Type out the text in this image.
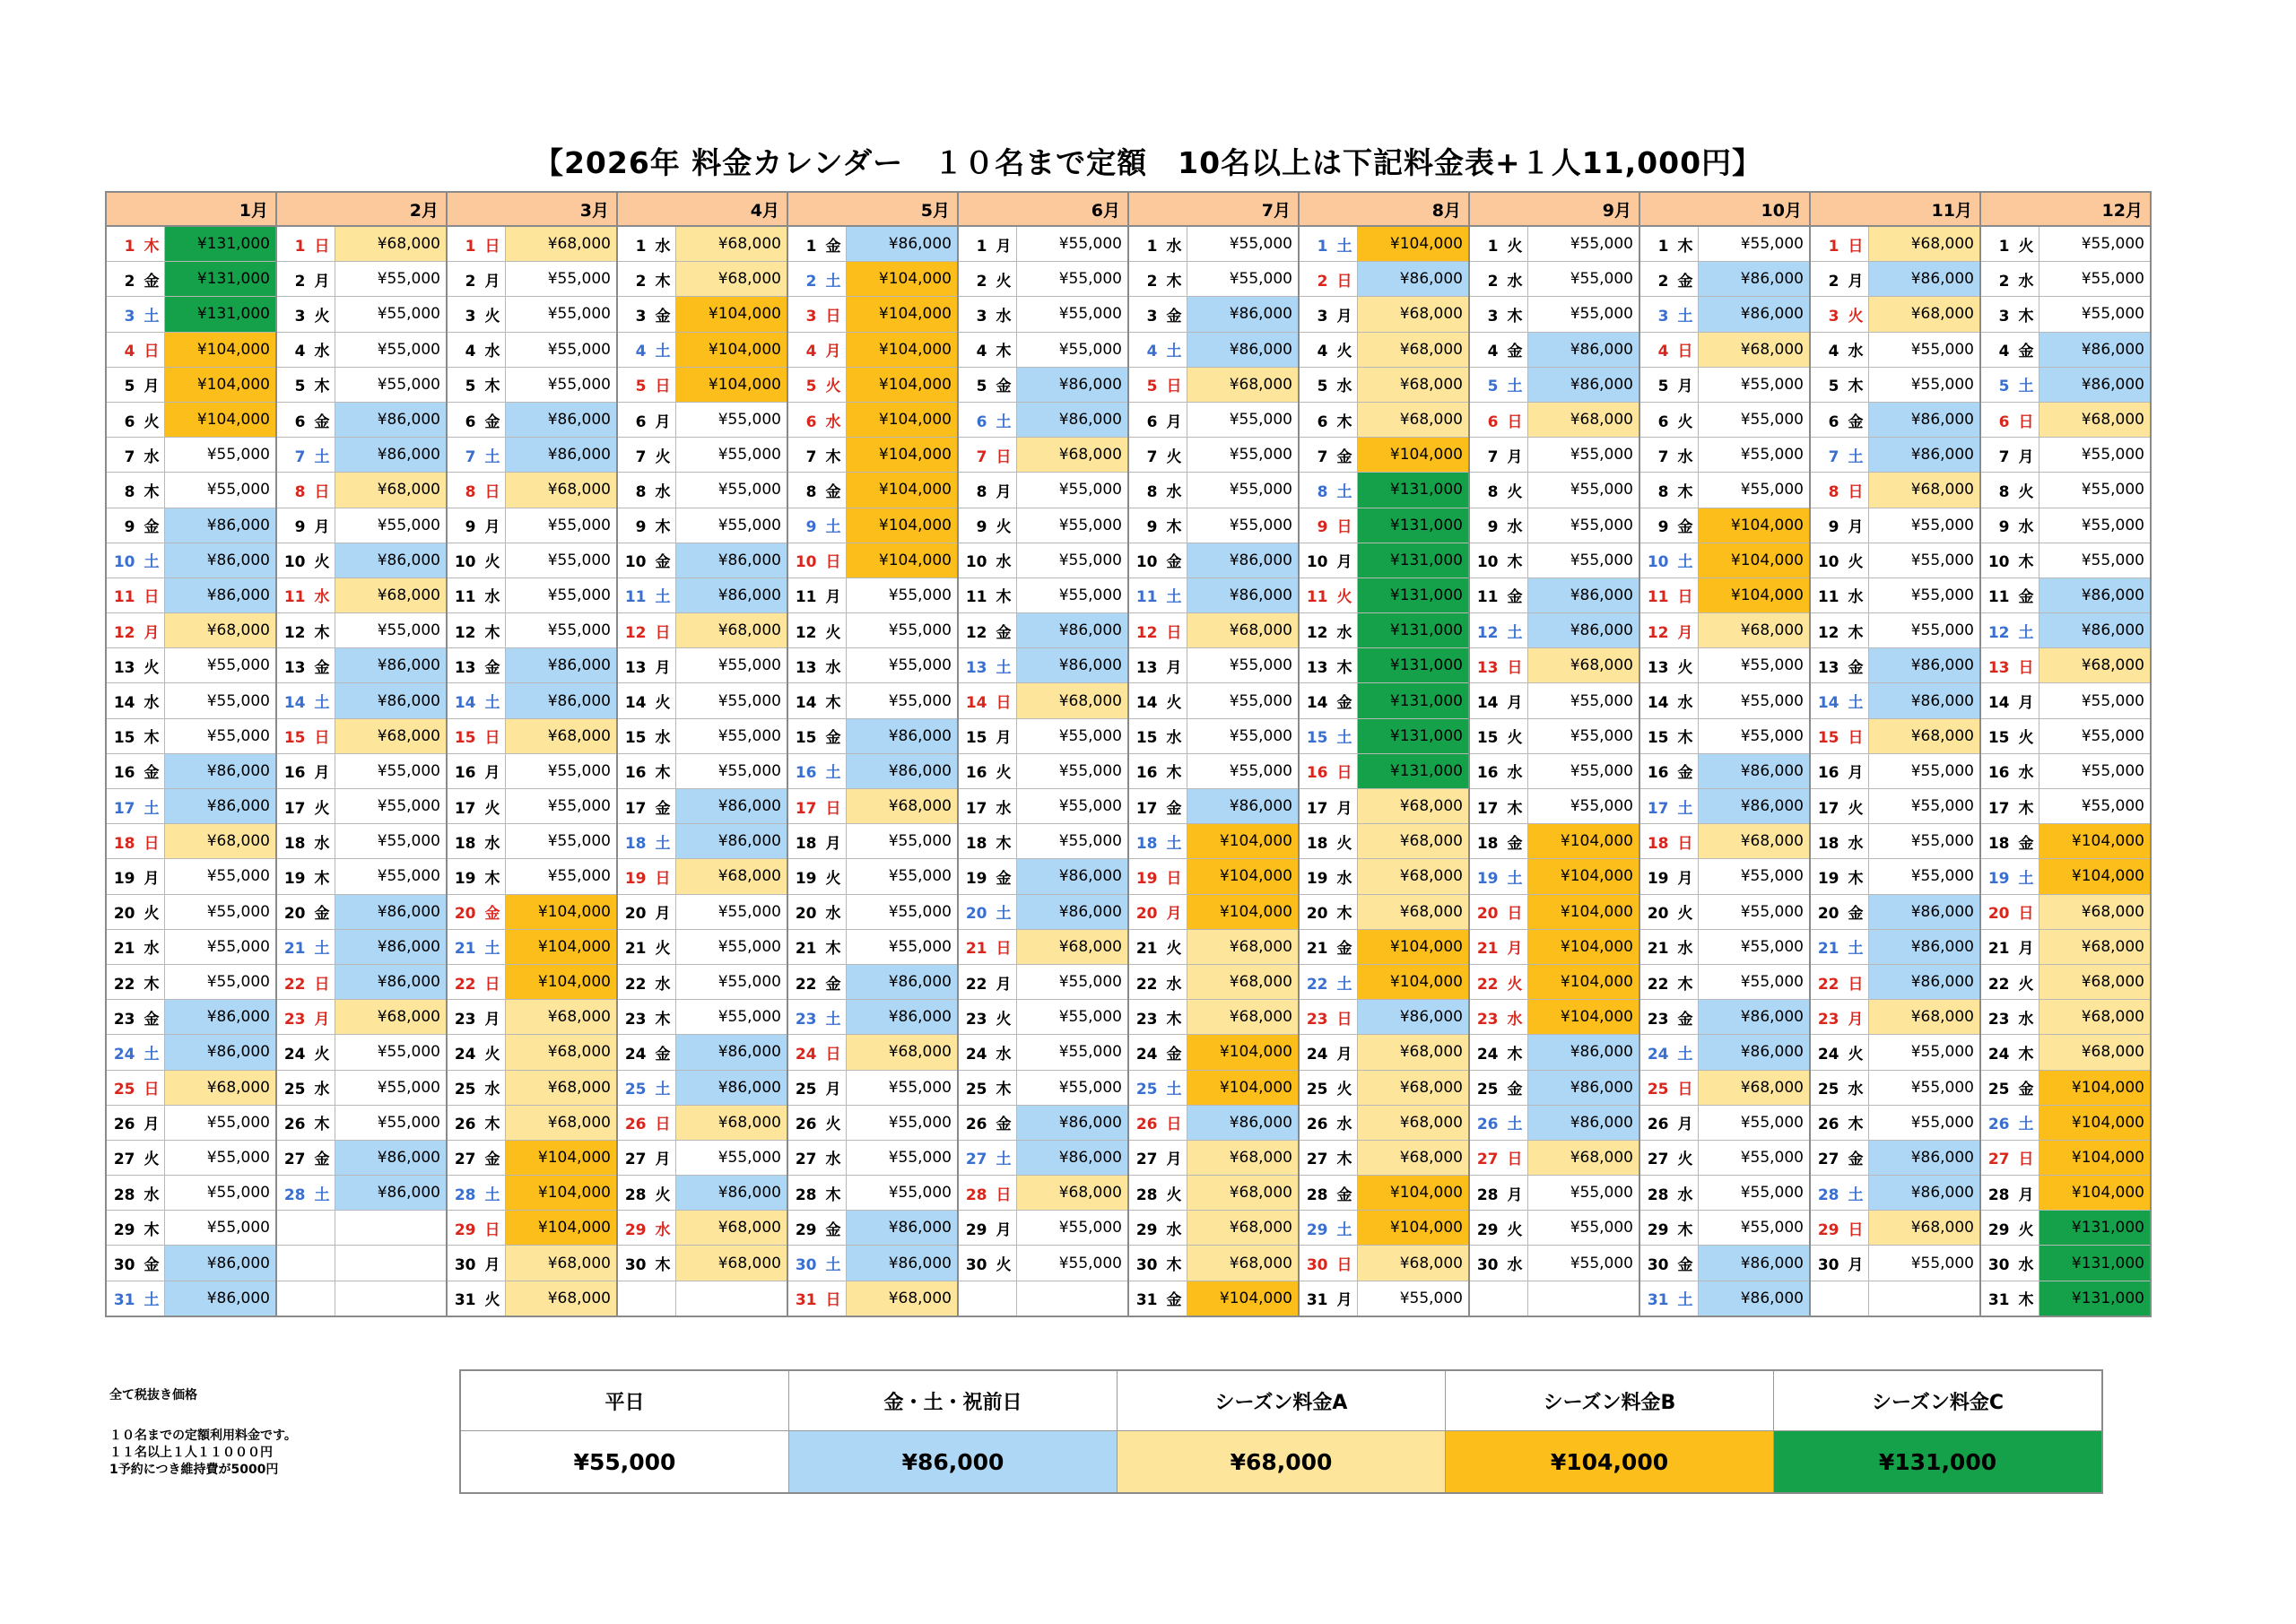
【2026年 料金カレンダー　１０名まで定額　10名以上は下記料金表+１人11,000円】
1月		2月		3月		4月		5月		6月		7月		8月		9月		10月		11月		12月	
1 木	¥131,000	1 日	¥68,000	1 日	¥68,000	1 水	¥68,000	1 金	¥86,000	1 月	¥55,000	1 水	¥55,000	1 土	¥104,000	1 火	¥55,000	1 木	¥55,000	1 日	¥68,000	1 火	¥55,000
2 金	¥131,000	2 月	¥55,000	2 月	¥55,000	2 木	¥68,000	2 土	¥104,000	2 火	¥55,000	2 木	¥55,000	2 日	¥86,000	2 水	¥55,000	2 金	¥86,000	2 月	¥86,000	2 水	¥55,000
3 土	¥131,000	3 火	¥55,000	3 火	¥55,000	3 金	¥104,000	3 日	¥104,000	3 水	¥55,000	3 金	¥86,000	3 月	¥68,000	3 木	¥55,000	3 土	¥86,000	3 火	¥68,000	3 木	¥55,000
4 日	¥104,000	4 水	¥55,000	4 水	¥55,000	4 土	¥104,000	4 月	¥104,000	4 木	¥55,000	4 土	¥86,000	4 火	¥68,000	4 金	¥86,000	4 日	¥68,000	4 水	¥55,000	4 金	¥86,000
5 月	¥104,000	5 木	¥55,000	5 木	¥55,000	5 日	¥104,000	5 火	¥104,000	5 金	¥86,000	5 日	¥68,000	5 水	¥68,000	5 土	¥86,000	5 月	¥55,000	5 木	¥55,000	5 土	¥86,000
6 火	¥104,000	6 金	¥86,000	6 金	¥86,000	6 月	¥55,000	6 水	¥104,000	6 土	¥86,000	6 月	¥55,000	6 木	¥68,000	6 日	¥68,000	6 火	¥55,000	6 金	¥86,000	6 日	¥68,000
7 水	¥55,000	7 土	¥86,000	7 土	¥86,000	7 火	¥55,000	7 木	¥104,000	7 日	¥68,000	7 火	¥55,000	7 金	¥104,000	7 月	¥55,000	7 水	¥55,000	7 土	¥86,000	7 月	¥55,000
8 木	¥55,000	8 日	¥68,000	8 日	¥68,000	8 水	¥55,000	8 金	¥104,000	8 月	¥55,000	8 水	¥55,000	8 土	¥131,000	8 火	¥55,000	8 木	¥55,000	8 日	¥68,000	8 火	¥55,000
9 金	¥86,000	9 月	¥55,000	9 月	¥55,000	9 木	¥55,000	9 土	¥104,000	9 火	¥55,000	9 木	¥55,000	9 日	¥131,000	9 水	¥55,000	9 金	¥104,000	9 月	¥55,000	9 水	¥55,000
10 土	¥86,000	10 火	¥86,000	10 火	¥55,000	10 金	¥86,000	10 日	¥104,000	10 水	¥55,000	10 金	¥86,000	10 月	¥131,000	10 木	¥55,000	10 土	¥104,000	10 火	¥55,000	10 木	¥55,000
11 日	¥86,000	11 水	¥68,000	11 水	¥55,000	11 土	¥86,000	11 月	¥55,000	11 木	¥55,000	11 土	¥86,000	11 火	¥131,000	11 金	¥86,000	11 日	¥104,000	11 水	¥55,000	11 金	¥86,000
12 月	¥68,000	12 木	¥55,000	12 木	¥55,000	12 日	¥68,000	12 火	¥55,000	12 金	¥86,000	12 日	¥68,000	12 水	¥131,000	12 土	¥86,000	12 月	¥68,000	12 木	¥55,000	12 土	¥86,000
13 火	¥55,000	13 金	¥86,000	13 金	¥86,000	13 月	¥55,000	13 水	¥55,000	13 土	¥86,000	13 月	¥55,000	13 木	¥131,000	13 日	¥68,000	13 火	¥55,000	13 金	¥86,000	13 日	¥68,000
14 水	¥55,000	14 土	¥86,000	14 土	¥86,000	14 火	¥55,000	14 木	¥55,000	14 日	¥68,000	14 火	¥55,000	14 金	¥131,000	14 月	¥55,000	14 水	¥55,000	14 土	¥86,000	14 月	¥55,000
15 木	¥55,000	15 日	¥68,000	15 日	¥68,000	15 水	¥55,000	15 金	¥86,000	15 月	¥55,000	15 水	¥55,000	15 土	¥131,000	15 火	¥55,000	15 木	¥55,000	15 日	¥68,000	15 火	¥55,000
16 金	¥86,000	16 月	¥55,000	16 月	¥55,000	16 木	¥55,000	16 土	¥86,000	16 火	¥55,000	16 木	¥55,000	16 日	¥131,000	16 水	¥55,000	16 金	¥86,000	16 月	¥55,000	16 水	¥55,000
17 土	¥86,000	17 火	¥55,000	17 火	¥55,000	17 金	¥86,000	17 日	¥68,000	17 水	¥55,000	17 金	¥86,000	17 月	¥68,000	17 木	¥55,000	17 土	¥86,000	17 火	¥55,000	17 木	¥55,000
18 日	¥68,000	18 水	¥55,000	18 水	¥55,000	18 土	¥86,000	18 月	¥55,000	18 木	¥55,000	18 土	¥104,000	18 火	¥68,000	18 金	¥104,000	18 日	¥68,000	18 水	¥55,000	18 金	¥104,000
19 月	¥55,000	19 木	¥55,000	19 木	¥55,000	19 日	¥68,000	19 火	¥55,000	19 金	¥86,000	19 日	¥104,000	19 水	¥68,000	19 土	¥104,000	19 月	¥55,000	19 木	¥55,000	19 土	¥104,000
20 火	¥55,000	20 金	¥86,000	20 金	¥104,000	20 月	¥55,000	20 水	¥55,000	20 土	¥86,000	20 月	¥104,000	20 木	¥68,000	20 日	¥104,000	20 火	¥55,000	20 金	¥86,000	20 日	¥68,000
21 水	¥55,000	21 土	¥86,000	21 土	¥104,000	21 火	¥55,000	21 木	¥55,000	21 日	¥68,000	21 火	¥68,000	21 金	¥104,000	21 月	¥104,000	21 水	¥55,000	21 土	¥86,000	21 月	¥68,000
22 木	¥55,000	22 日	¥86,000	22 日	¥104,000	22 水	¥55,000	22 金	¥86,000	22 月	¥55,000	22 水	¥68,000	22 土	¥104,000	22 火	¥104,000	22 木	¥55,000	22 日	¥86,000	22 火	¥68,000
23 金	¥86,000	23 月	¥68,000	23 月	¥68,000	23 木	¥55,000	23 土	¥86,000	23 火	¥55,000	23 木	¥68,000	23 日	¥86,000	23 水	¥104,000	23 金	¥86,000	23 月	¥68,000	23 水	¥68,000
24 土	¥86,000	24 火	¥55,000	24 火	¥68,000	24 金	¥86,000	24 日	¥68,000	24 水	¥55,000	24 金	¥104,000	24 月	¥68,000	24 木	¥86,000	24 土	¥86,000	24 火	¥55,000	24 木	¥68,000
25 日	¥68,000	25 水	¥55,000	25 水	¥68,000	25 土	¥86,000	25 月	¥55,000	25 木	¥55,000	25 土	¥104,000	25 火	¥68,000	25 金	¥86,000	25 日	¥68,000	25 水	¥55,000	25 金	¥104,000
26 月	¥55,000	26 木	¥55,000	26 木	¥68,000	26 日	¥68,000	26 火	¥55,000	26 金	¥86,000	26 日	¥86,000	26 水	¥68,000	26 土	¥86,000	26 月	¥55,000	26 木	¥55,000	26 土	¥104,000
27 火	¥55,000	27 金	¥86,000	27 金	¥104,000	27 月	¥55,000	27 水	¥55,000	27 土	¥86,000	27 月	¥68,000	27 木	¥68,000	27 日	¥68,000	27 火	¥55,000	27 金	¥86,000	27 日	¥104,000
28 水	¥55,000	28 土	¥86,000	28 土	¥104,000	28 火	¥86,000	28 木	¥55,000	28 日	¥68,000	28 火	¥68,000	28 金	¥104,000	28 月	¥55,000	28 水	¥55,000	28 土	¥86,000	28 月	¥104,000
29 木	¥55,000			29 日	¥104,000	29 水	¥68,000	29 金	¥86,000	29 月	¥55,000	29 水	¥68,000	29 土	¥104,000	29 火	¥55,000	29 木	¥55,000	29 日	¥68,000	29 火	¥131,000
30 金	¥86,000			30 月	¥68,000	30 木	¥68,000	30 土	¥86,000	30 火	¥55,000	30 木	¥68,000	30 日	¥68,000	30 水	¥55,000	30 金	¥86,000	30 月	¥55,000	30 水	¥131,000
31 土	¥86,000			31 火	¥68,000			31 日	¥68,000			31 金	¥104,000	31 月	¥55,000			31 土	¥86,000			31 木	¥131,000
全て税抜き価格
１０名までの定額利用料金です。
１１名以上１人１１０００円
1予約につき維持費が5000円
平日	金・土・祝前日	シーズン料金A	シーズン料金B	シーズン料金C
¥55,000	¥86,000	¥68,000	¥104,000	¥131,000
